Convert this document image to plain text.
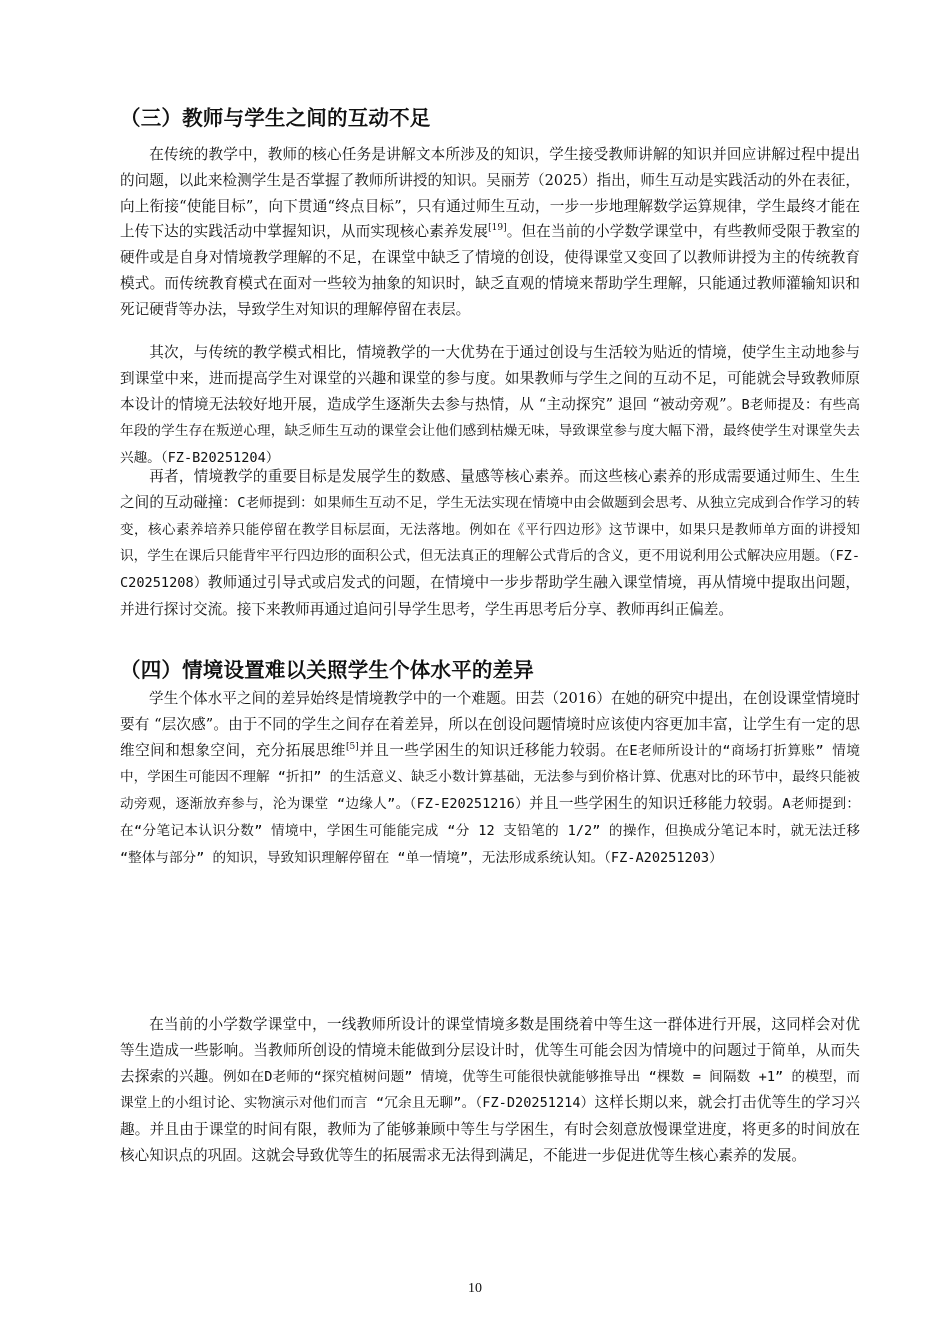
（三）教师与学生之间的互动不足

在传统的教学中，教师的核心任务是讲解文本所涉及的知识，学生接受教师讲解的知识并回应讲解过程中提出的问题，以此来检测学生是否掌握了教师所讲授的知识。吴丽芳（2025）指出，师生互动是实践活动的外在表征，向上衔接“使能目标”，向下贯通“终点目标”，只有通过师生互动，一步一步地理解数学运算规律，学生最终才能在上传下达的实践活动中掌握知识，从而实现核心素养发展[19]。但在当前的小学数学课堂中，有些教师受限于教室的硬件或是自身对情境教学理解的不足，在课堂中缺乏了情境的创设，使得课堂又变回了以教师讲授为主的传统教育模式。而传统教育模式在面对一些较为抽象的知识时，缺乏直观的情境来帮助学生理解，只能通过教师灌输知识和死记硬背等办法，导致学生对知识的理解停留在表层。

其次，与传统的教学模式相比，情境教学的一大优势在于通过创设与生活较为贴近的情境，使学生主动地参与到课堂中来，进而提高学生对课堂的兴趣和课堂的参与度。如果教师与学生之间的互动不足，可能就会导致教师原本设计的情境无法较好地开展，造成学生逐渐失去参与热情，从 “主动探究” 退回 “被动旁观”。B老师提及：有些高年段的学生存在叛逆心理，缺乏师生互动的课堂会让他们感到枯燥无味，导致课堂参与度大幅下滑，最终使学生对课堂失去兴趣。（FZ-B20251204）

再者，情境教学的重要目标是发展学生的数感、量感等核心素养。而这些核心素养的形成需要通过师生、生生之间的互动碰撞：C老师提到：如果师生互动不足，学生无法实现在情境中由会做题到会思考、从独立完成到合作学习的转变，核心素养培养只能停留在教学目标层面，无法落地。例如在《平行四边形》这节课中，如果只是教师单方面的讲授知识，学生在课后只能背牢平行四边形的面积公式，但无法真正的理解公式背后的含义，更不用说利用公式解决应用题。（FZ-C20251208）教师通过引导式或启发式的问题，在情境中一步步帮助学生融入课堂情境，再从情境中提取出问题，并进行探讨交流。接下来教师再通过追问引导学生思考，学生再思考后分享、教师再纠正偏差。

（四）情境设置难以关照学生个体水平的差异

学生个体水平之间的差异始终是情境教学中的一个难题。田芸（2016）在她的研究中提出，在创设课堂情境时要有 “层次感”。由于不同的学生之间存在着差异，所以在创设问题情境时应该使内容更加丰富，让学生有一定的思维空间和想象空间，充分拓展思维[5]并且一些学困生的知识迁移能力较弱。在E老师所设计的“商场打折算账” 情境中，学困生可能因不理解 “折扣” 的生活意义、缺乏小数计算基础，无法参与到价格计算、优惠对比的环节中，最终只能被动旁观，逐渐放弃参与，沦为课堂 “边缘人”。（FZ-E20251216）并且一些学困生的知识迁移能力较弱。A老师提到：在“分笔记本认识分数” 情境中，学困生可能能完成 “分 12 支铅笔的 1/2” 的操作，但换成分笔记本时，就无法迁移 “整体与部分” 的知识，导致知识理解停留在 “单一情境”，无法形成系统认知。（FZ-A20251203）

在当前的小学数学课堂中，一线教师所设计的课堂情境多数是围绕着中等生这一群体进行开展，这同样会对优等生造成一些影响。当教师所创设的情境未能做到分层设计时，优等生可能会因为情境中的问题过于简单，从而失去探索的兴趣。例如在D老师的“探究植树问题” 情境，优等生可能很快就能够推导出 “棵数 = 间隔数 +1” 的模型，而课堂上的小组讨论、实物演示对他们而言 “冗余且无聊”。（FZ-D20251214）这样长期以来，就会打击优等生的学习兴趣。并且由于课堂的时间有限，教师为了能够兼顾中等生与学困生，有时会刻意放慢课堂进度，将更多的时间放在核心知识点的巩固。这就会导致优等生的拓展需求无法得到满足，不能进一步促进优等生核心素养的发展。

10
